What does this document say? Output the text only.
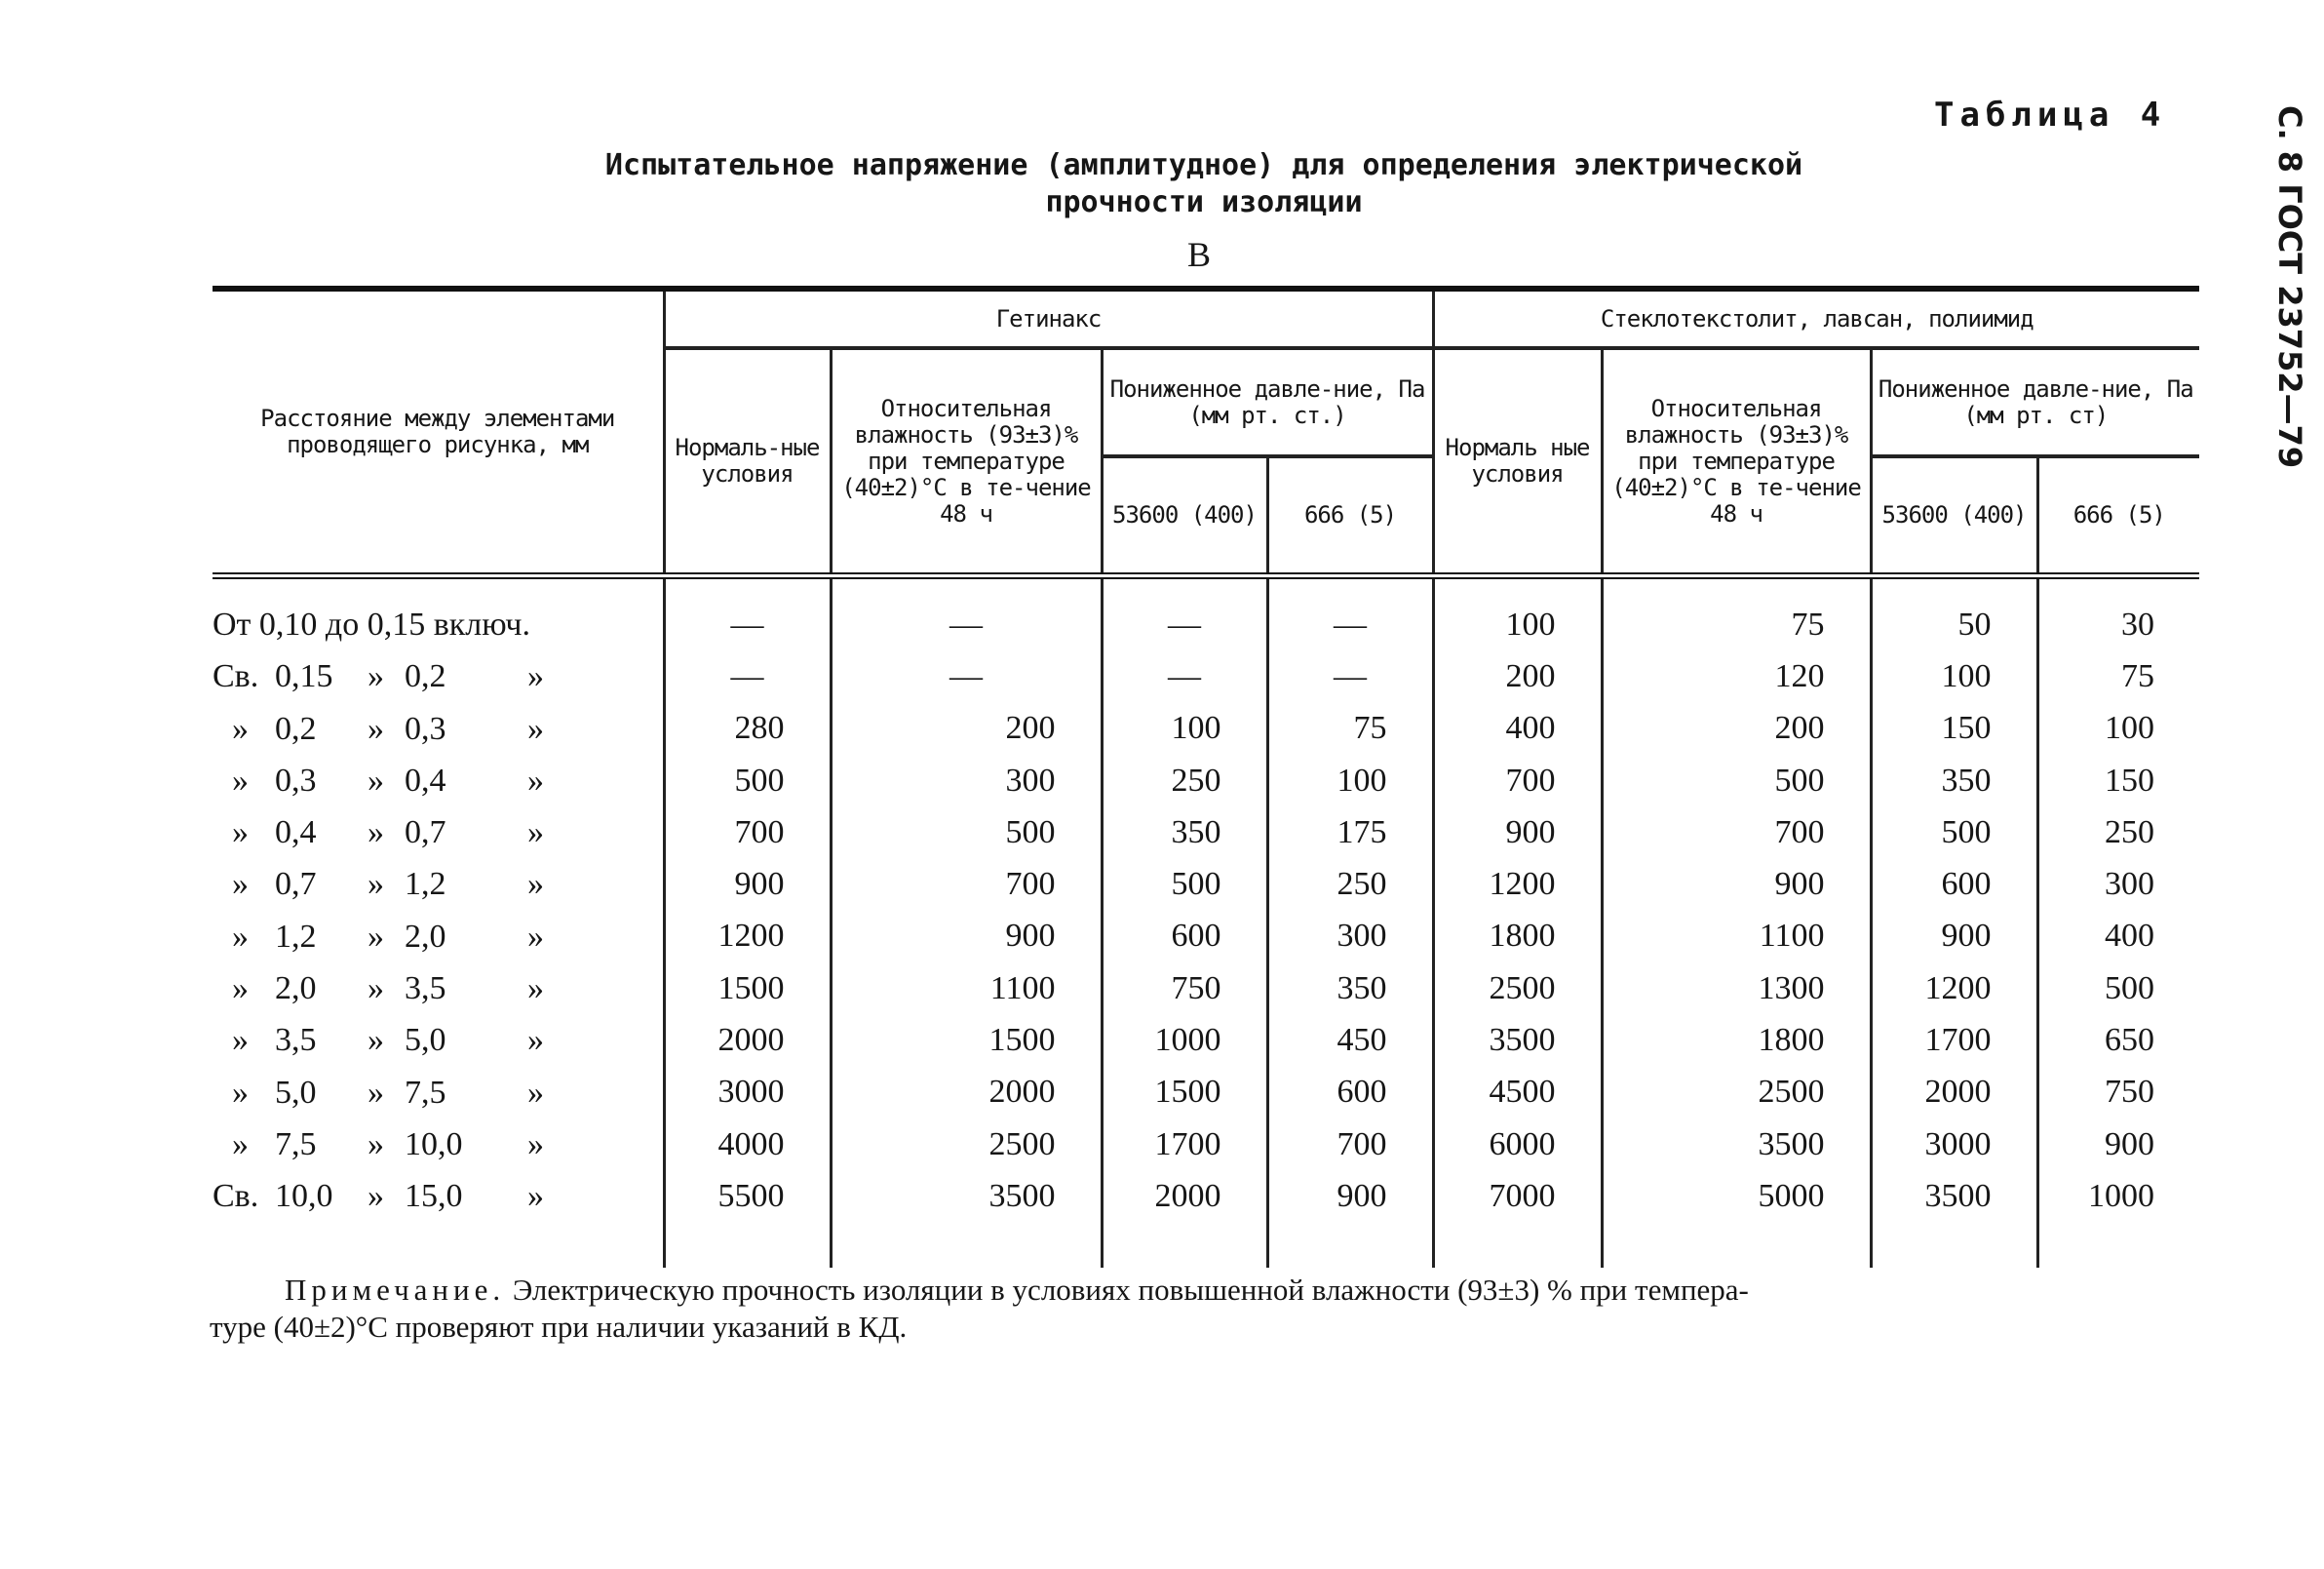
Таблица 4	С. 8 ГОСТ 23752—79
Испытательное напряжение (амплитудное) для определения электрической
прочности изоляции
В
Расстояние между элементами проводящего рисунка, мм	Гетинакс				Стеклотекстолит, лавсан, полиимид			
	Нормаль-ные условия	Относительная влажность (93±3)% при температуре (40±2)°С в те-чение 48 ч	Пониженное давле-ние, Па (мм рт. ст.)		Нормаль ные условия	Относительная влажность (93±3)% при температуре (40±2)°С в те-чение 48 ч	Пониженное давле-ние, Па (мм рт. ст)	
			53600 (400)	666 (5)			53600 (400)	666 (5)

От 0,10 до 0,15 включ.	—	—	—	—	100	75	50	30

Св. 0,15 » 0,2 »	—	—	—	—	200	120	100	75

» 0,2 » 0,3 »	280	200	100	75	400	200	150	100

» 0,3 » 0,4 »	500	300	250	100	700	500	350	150

» 0,4 » 0,7 »	700	500	350	175	900	700	500	250

» 0,7 » 1,2 »	900	700	500	250	1200	900	600	300

» 1,2 » 2,0 »	1200	900	600	300	1800	1100	900	400

» 2,0 » 3,5 »	1500	1100	750	350	2500	1300	1200	500

» 3,5 » 5,0 »	2000	1500	1000	450	3500	1800	1700	650

» 5,0 » 7,5 »	3000	2000	1500	600	4500	2500	2000	750

» 7,5 » 10,0 »	4000	2500	1700	700	6000	3500	3000	900

Св. 10,0 » 15,0 »	5500	3500	2000	900	7000	5000	3500	1000

Примечание. Электрическую прочность изоляции в условиях повышенной влажности (93±3) % при темпера-
туре (40±2)°С проверяют при наличии указаний в КД.
